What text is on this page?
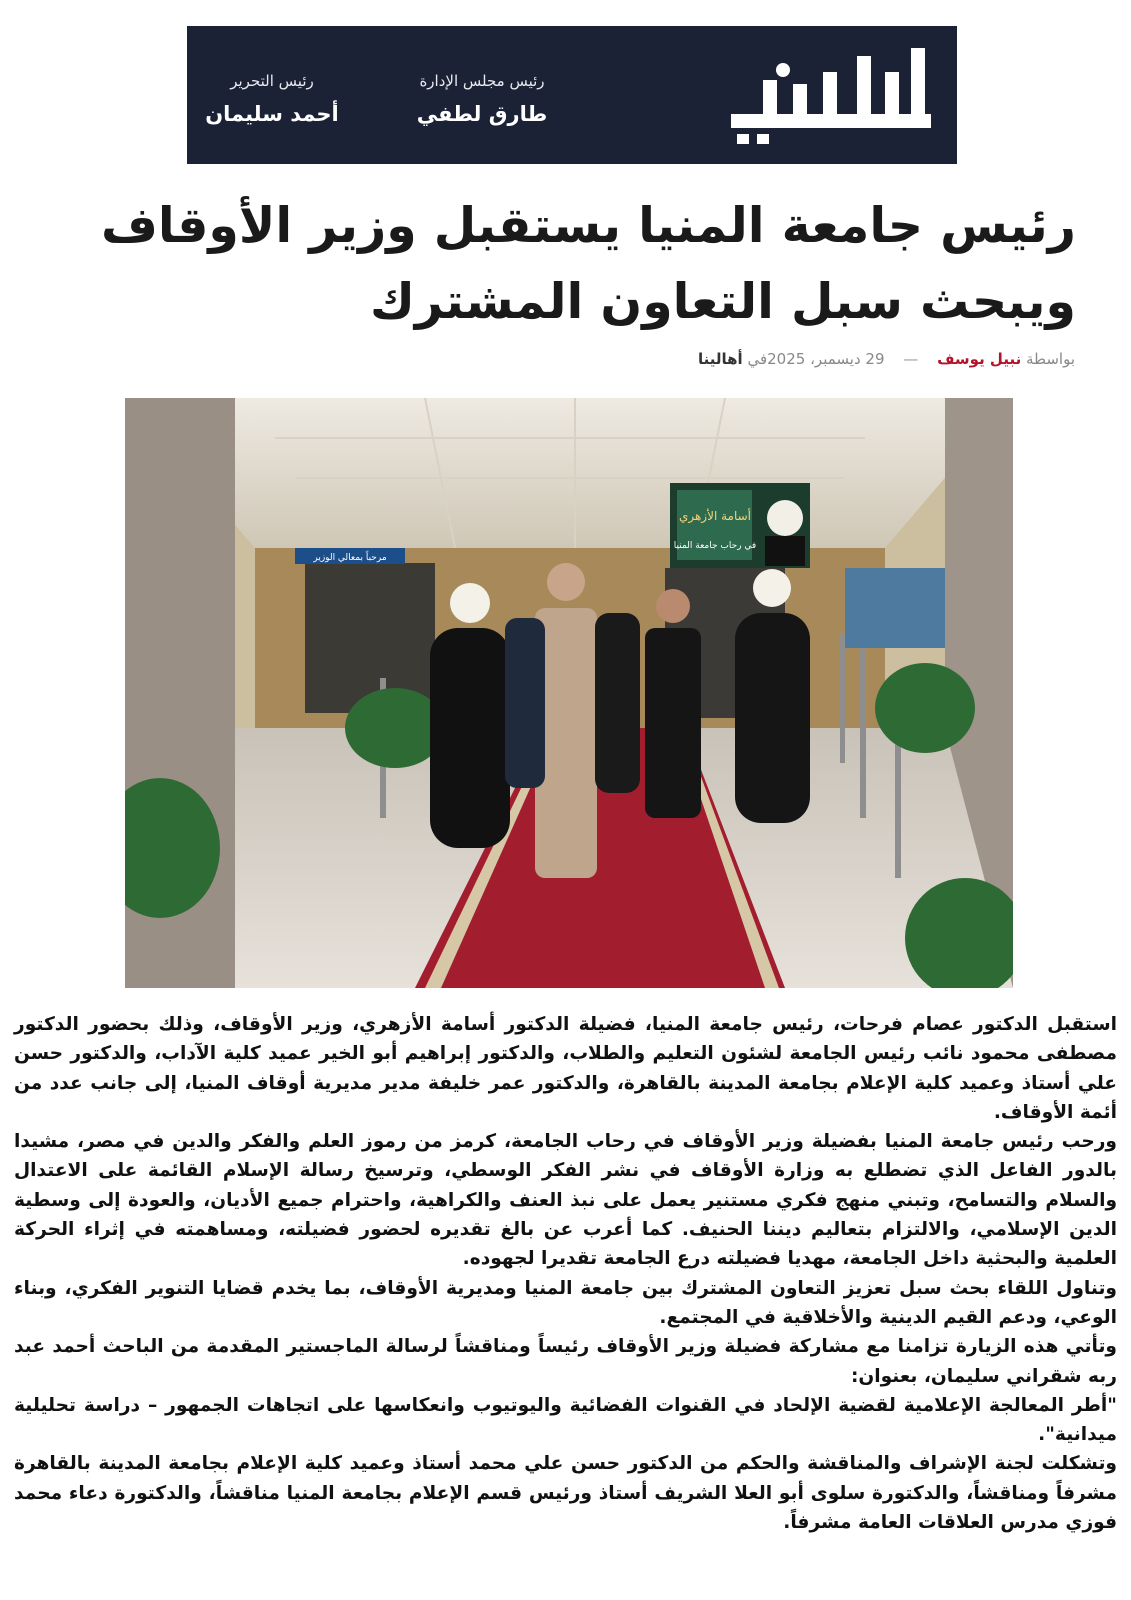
رئيس مجلس الإدارة
طارق لطفي
رئيس التحرير
أحمد سليمان
رئيس جامعة المنيا يستقبل وزير الأوقاف ويبحث سبل التعاون المشترك
بواسطة نبيل يوسف — 29 ديسمبر، 2025في أهالينا
أسامة الأزهري
في رحاب جامعة المنيا
مرحباً بمعالي الوزير

استقبل الدكتور عصام فرحات، رئيس جامعة المنيا، فضيلة الدكتور أسامة الأزهري، وزير الأوقاف، وذلك بحضور الدكتور مصطفى محمود نائب رئيس الجامعة لشئون التعليم والطلاب، والدكتور إبراهيم أبو الخير عميد كلية الآداب، والدكتور حسن علي أستاذ وعميد كلية الإعلام بجامعة المدينة بالقاهرة، والدكتور عمر خليفة مدير مديرية أوقاف المنيا، إلى جانب عدد من أئمة الأوقاف.

ورحب رئيس جامعة المنيا بفضيلة وزير الأوقاف في رحاب الجامعة، كرمز من رموز العلم والفكر والدين في مصر، مشيدا بالدور الفاعل الذي تضطلع به وزارة الأوقاف في نشر الفكر الوسطي، وترسيخ رسالة الإسلام القائمة على الاعتدال والسلام والتسامح، وتبني منهج فكري مستنير يعمل على نبذ العنف والكراهية، واحترام جميع الأديان، والعودة إلى وسطية الدين الإسلامي، والالتزام بتعاليم ديننا الحنيف. كما أعرب عن بالغ تقديره لحضور فضيلته، ومساهمته في إثراء الحركة العلمية والبحثية داخل الجامعة، مهديا فضيلته درع الجامعة تقديرا لجهوده.

وتناول اللقاء بحث سبل تعزيز التعاون المشترك بين جامعة المنيا ومديرية الأوقاف، بما يخدم قضايا التنوير الفكري، وبناء الوعي، ودعم القيم الدينية والأخلاقية في المجتمع.

وتأتي هذه الزيارة تزامنا مع مشاركة فضيلة وزير الأوقاف رئيساً ومناقشاً لرسالة الماجستير المقدمة من الباحث أحمد عبد ربه شقراني سليمان، بعنوان:

"أطر المعالجة الإعلامية لقضية الإلحاد في القنوات الفضائية واليوتيوب وانعكاسها على اتجاهات الجمهور – دراسة تحليلية ميدانية".

وتشكلت لجنة الإشراف والمناقشة والحكم من الدكتور حسن علي محمد أستاذ وعميد كلية الإعلام بجامعة المدينة بالقاهرة مشرفاً ومناقشاً، والدكتورة سلوى أبو العلا الشريف أستاذ ورئيس قسم الإعلام بجامعة المنيا مناقشاً، والدكتورة دعاء محمد فوزي مدرس العلاقات العامة مشرفاً.
